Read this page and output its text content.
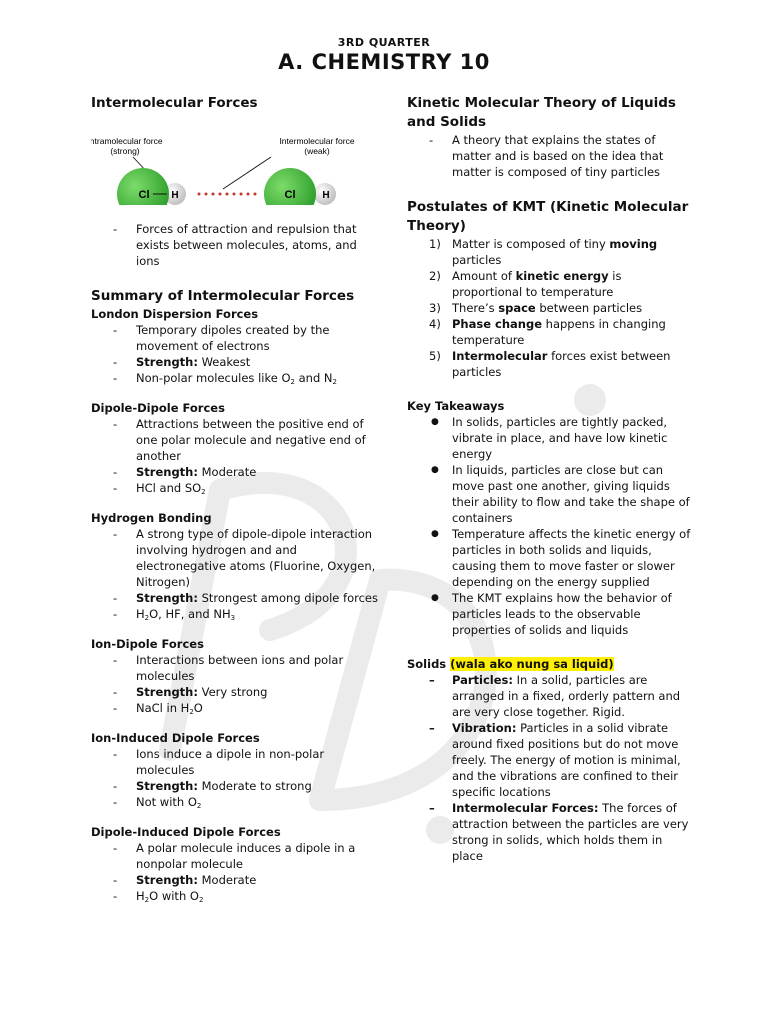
3RD QUARTER
A. CHEMISTRY 10
Intermolecular Forces
Intramolecular force
(strong)
Intermolecular force
(weak)
Cl H	Cl	H
- Forces of attraction and repulsion that exists between molecules, atoms, and ions
Summary of Intermolecular Forces
London Dispersion Forces
- Temporary dipoles created by the movement of electrons
- Strength: Weakest
- Non-polar molecules like $O_2$ and $N_2$
Dipole-Dipole Forces
- Attractions between the positive end of one polar molecule and negative end of another
- Strength: Moderate
- HCl and $SO_2$
Hydrogen Bonding
- A strong type of dipole-dipole interaction involving hydrogen and and electronegative atoms (Fluorine, Oxygen, Nitrogen)
- Strength: Strongest among dipole forces
- $H_2O$, HF, and $NH_3$
Ion-Dipole Forces
- Interactions between ions and polar molecules
- Strength: Very strong
- NaCl in $H_2O$
Ion-Induced Dipole Forces
- Ions induce a dipole in non-polar molecules
- Strength: Moderate to strong
- Not with $O_2$
Dipole-Induced Dipole Forces
- A polar molecule induces a dipole in a nonpolar molecule
- Strength: Moderate
- $H_2O$ with $O_2$
Kinetic Molecular Theory of Liquids and Solids
- A theory that explains the states of matter and is based on the idea that matter is composed of tiny particles
Postulates of KMT (Kinetic Molecular Theory)
1) Matter is composed of tiny moving particles
2) Amount of kinetic energy is proportional to temperature
3) There’s space between particles
4) Phase change happens in changing temperature
5) Intermolecular forces exist between particles
Key Takeaways
● In solids, particles are tightly packed, vibrate in place, and have low kinetic energy
● In liquids, particles are close but can move past one another, giving liquids their ability to flow and take the shape of containers
● Temperature affects the kinetic energy of particles in both solids and liquids, causing them to move faster or slower depending on the energy supplied
● The KMT explains how the behavior of particles leads to the observable properties of solids and liquids
Solids (wala ako nung sa liquid)
– Particles: In a solid, particles are arranged in a fixed, orderly pattern and are very close together. Rigid.
– Vibration: Particles in a solid vibrate around fixed positions but do not move freely. The energy of motion is minimal, and the vibrations are confined to their specific locations
– Intermolecular Forces: The forces of attraction between the particles are very strong in solids, which holds them in place
